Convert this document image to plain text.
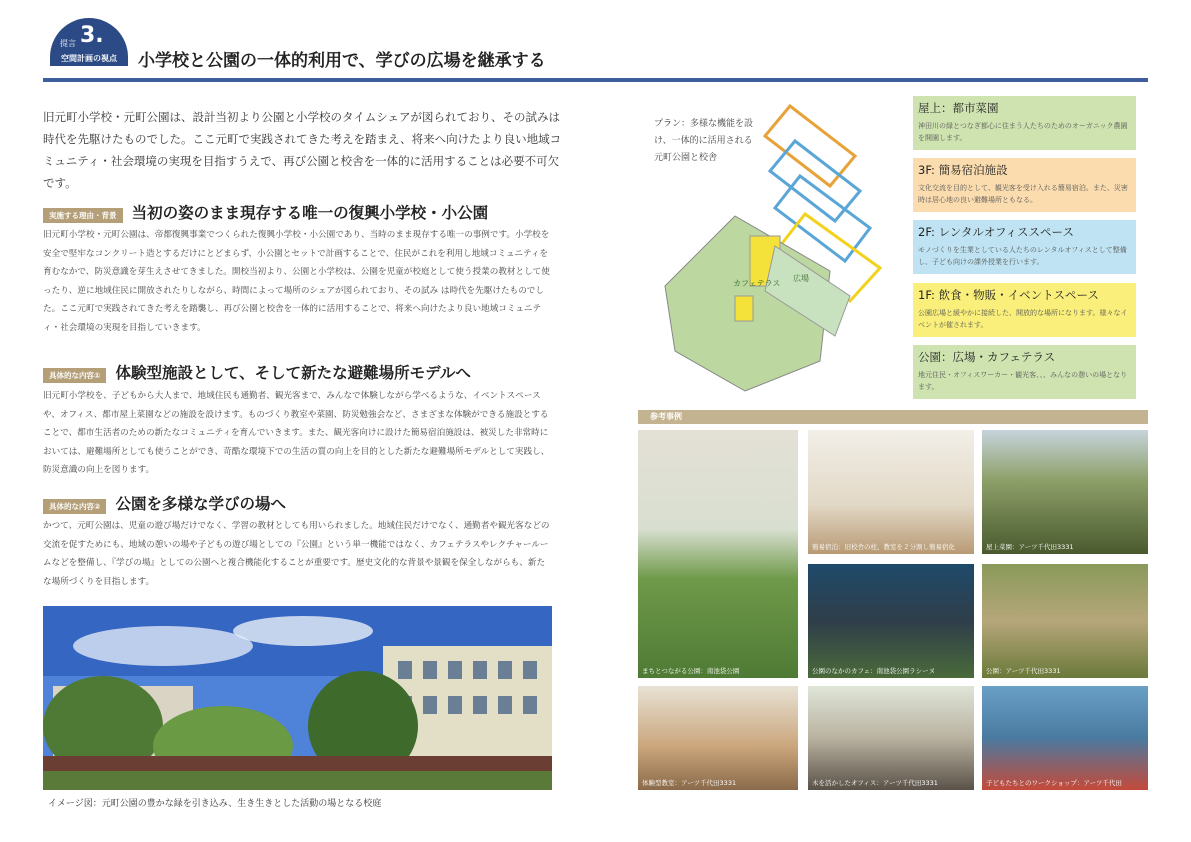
提言 3.
空間計画の視点	小学校と公園の一体的利用で、学びの広場を継承する
旧元町小学校・元町公園は、設計当初より公園と小学校のタイムシェアが図られており、その試みは時代を先駆けたものでした。ここ元町で実践されてきた考えを踏まえ、将来へ向けたより良い地域コミュニティ・社会環境の実現を目指すうえで、再び公園と校舎を一体的に活用することは必要不可欠です。
実施する理由・背景 当初の姿のまま現存する唯一の復興小学校・小公園
旧元町小学校・元町公園は、帝都復興事業でつくられた復興小学校・小公園であり、当時のまま現存する唯一の事例です。小学校を安全で堅牢なコンクリート造とするだけにとどまらず、小公園とセットで計画することで、住民がこれを利用し地域コミュニティを育むなかで、防災意識を芽生えさせてきました。開校当初より、公園と小学校は、公園を児童が校庭として使う授業の教材として使ったり、逆に地域住民に開放されたりしながら、時間によって場所のシェアが図られており、その試み は時代を先駆けたものでした。ここ元町で実践されてきた考えを踏襲し、再び公園と校舎を一体的に活用することで、将来へ向けたより良い地域コミュニティ・社会環境の実現を目指していきます。
具体的な内容① 体験型施設として、そして新たな避難場所モデルへ
旧元町小学校を、子どもから大人まで、地域住民も通勤者、観光客まで、みんなで体験しながら学べるような、イベントスペースや、オフィス、都市屋上菜園などの施設を設けます。ものづくり教室や菜園、防災勉強会など、さまざまな体験ができる施設とすることで、都市生活者のための新たなコミュニティを育んでいきます。また、観光客向けに設けた簡易宿泊施設は、被災した非常時においては、避難場所としても使うことができ、苛酷な環境下での生活の質の向上を目的とした新たな避難場所モデルとして実践し、防災意識の向上を図ります。
具体的な内容② 公園を多様な学びの場へ
かつて、元町公園は、児童の遊び場だけでなく、学習の教材としても用いられました。地域住民だけでなく、通勤者や観光客などの交流を促すためにも、地域の憩いの場や子どもの遊び場としての『公園』という単一機能ではなく、カフェテラスやレクチャールームなどを整備し、『学びの場』としての公園へと複合機能化することが重要です。歴史文化的な背景や景観を保全しながらも、新たな場所づくりを目指します。
イメージ図：元町公園の豊かな緑を引き込み、生き生きとした活動の場となる校庭
プラン：多様な機能を設け、一体的に活用される元町公園と校舎
カフェテラス
広場
屋上：都市菜園
神田川の緑とつなぎ都心に住まう人たちのためのオーガニック農園を開園します。
3F: 簡易宿泊施設
文化交流を目的として、観光客を受け入れる簡易宿泊。また、災害時は居心地の良い避難場所ともなる。
2F: レンタルオフィススペース
モノづくりを生業としている人たちのレンタルオフィスとして整備し、子ども向けの課外授業を行います。
1F: 飲食・物販・イベントスペース
公園広場と緩やかに接続した、開放的な場所になります。様々なイベントが催されます。
公園：広場・カフェテラス
地元住民・オフィスワーカー・観光客、、、みんなの憩いの場となります。
参考事例
まちとつながる公園：南池袋公園
簡易宿泊：旧校舎の柱、教室を２分割し簡易宿化	屋上菜園：アーツ千代田3331
公園のなかのカフェ：南池袋公園ラシーヌ	公園：アーツ千代田3331
体験型教室：アーツ千代田3331	木を活かしたオフィス：アーツ千代田3331	子どもたちとのワークショップ：アーツ千代田
